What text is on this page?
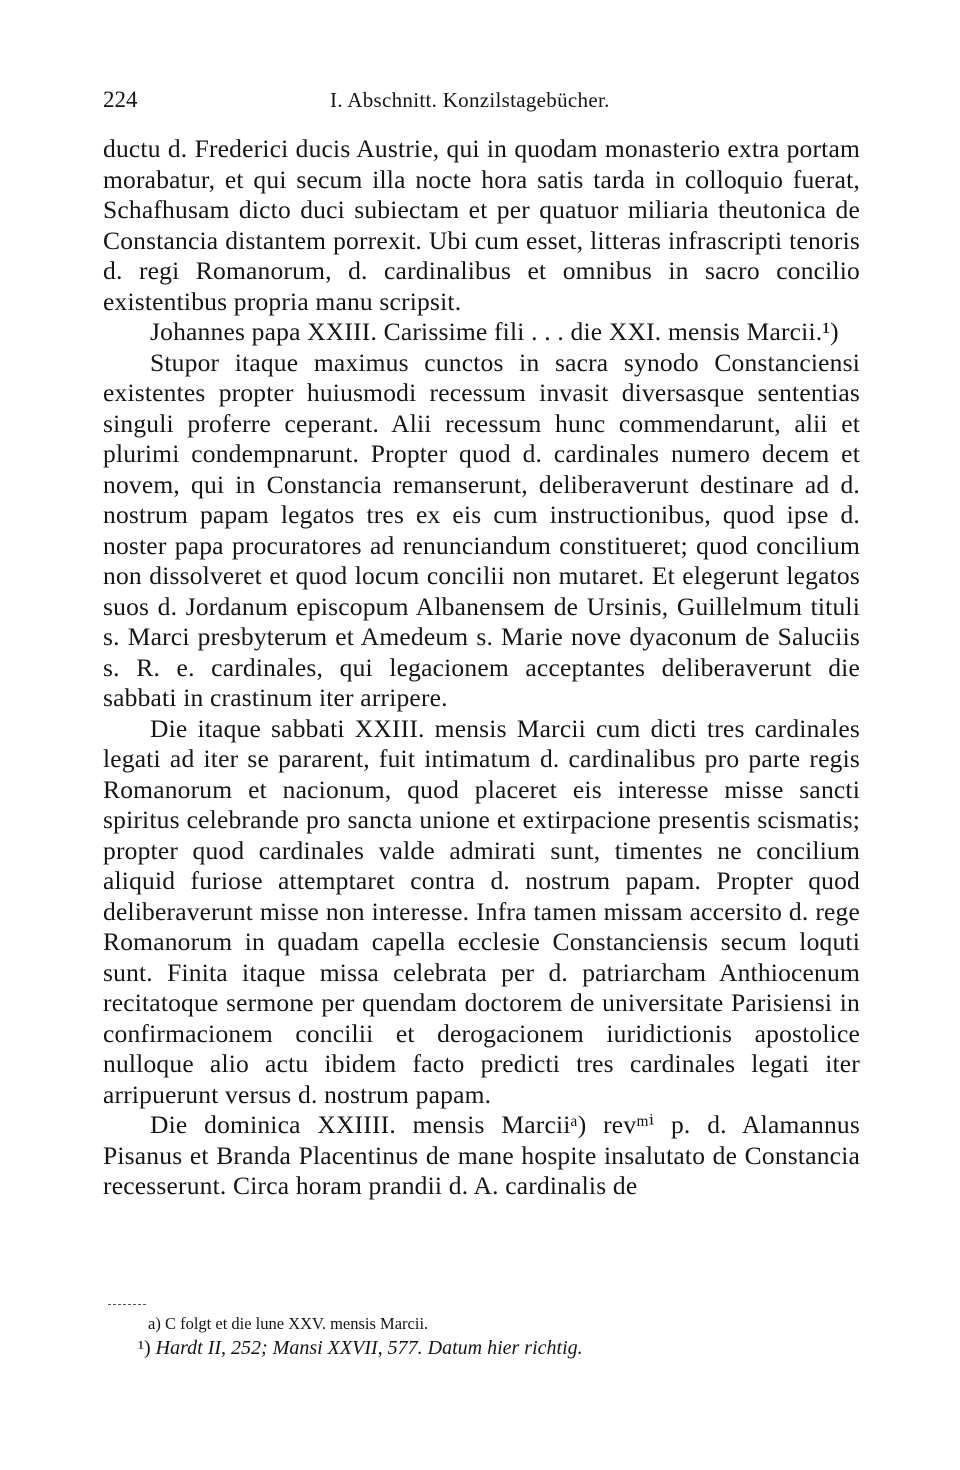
224	I. Abschnitt. Konzilstagebücher.

ductu d. Frederici ducis Austrie, qui in quodam monasterio extra portam morabatur, et qui secum illa nocte hora satis tarda in colloquio fuerat, Schafhusam dicto duci subiectam et per quatuor miliaria theutonica de Constancia distantem porrexit. Ubi cum esset, litteras infrascripti tenoris d. regi Romanorum, d. cardinalibus et omnibus in sacro concilio existentibus propria manu scripsit.

Johannes papa XXIII. Carissime fili . . . die XXI. mensis Marcii.¹)

Stupor itaque maximus cunctos in sacra synodo Constanciensi existentes propter huiusmodi recessum invasit diversasque sententias singuli proferre ceperant. Alii recessum hunc commendarunt, alii et plurimi condempnarunt. Propter quod d. cardinales numero decem et novem, qui in Constancia remanserunt, deliberaverunt destinare ad d. nostrum papam legatos tres ex eis cum instructionibus, quod ipse d. noster papa procuratores ad renunciandum constitueret; quod concilium non dissolveret et quod locum concilii non mutaret. Et elegerunt legatos suos d. Jordanum episcopum Albanensem de Ursinis, Guillelmum tituli s. Marci presbyterum et Amedeum s. Marie nove dyaconum de Saluciis s. R. e. cardinales, qui legacionem acceptantes deliberaverunt die sabbati in crastinum iter arripere.

Die itaque sabbati XXIII. mensis Marcii cum dicti tres cardinales legati ad iter se pararent, fuit intimatum d. cardinalibus pro parte regis Romanorum et nacionum, quod placeret eis interesse misse sancti spiritus celebrande pro sancta unione et extirpacione presentis scismatis; propter quod cardinales valde admirati sunt, timentes ne concilium aliquid furiose attemptaret contra d. nostrum papam. Propter quod deliberaverunt misse non interesse. Infra tamen missam accersito d. rege Romanorum in quadam capella ecclesie Constanciensis secum loquti sunt. Finita itaque missa celebrata per d. patriarcham Anthiocenum recitatoque sermone per quendam doctorem de universitate Parisiensi in confirmacionem concilii et derogacionem iuridictionis apostolice nulloque alio actu ibidem facto predicti tres cardinales legati iter arripuerunt versus d. nostrum papam.

Die dominica XXIIII. mensis Marciiᵃ) revᵐⁱ p. d. Alamannus Pisanus et Branda Placentinus de mane hospite insalutato de Constancia recesserunt. Circa horam prandii d. A. cardinalis de

a) C folgt et die lune XXV. mensis Marcii.

¹) Hardt II, 252; Mansi XXVII, 577. Datum hier richtig.
